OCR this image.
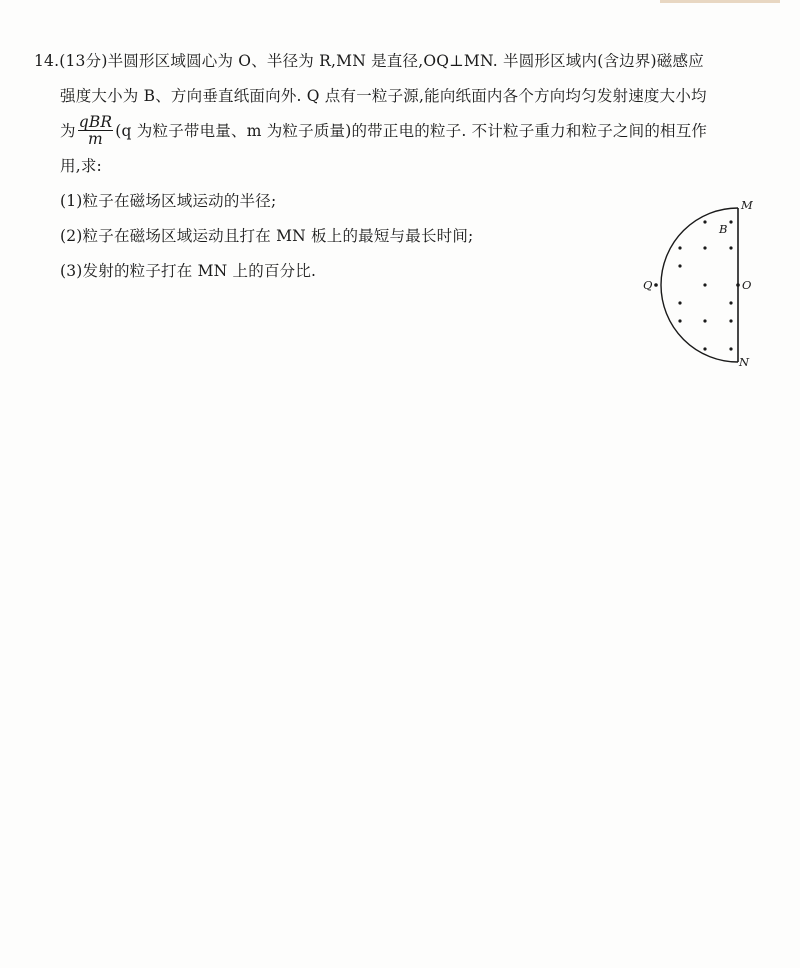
14.(13分)半圆形区域圆心为 O、半径为 R,MN 是直径,OQ⊥MN. 半圆形区域内(含边界)磁感应
强度大小为 B、方向垂直纸面向外. Q 点有一粒子源,能向纸面内各个方向均匀发射速度大小均
为 $\frac{\text{qBR}}{m} (q$ 为粒子带电量、m 为粒子质量)的带正电的粒子. 不计粒子重力和粒子之间的相互作
用,求:
(1)粒子在磁场区域运动的半径;
(2)粒子在磁场区域运动且打在 MN 板上的最短与最长时间;
(3)发射的粒子打在 MN 上的百分比.
M
B
Q	O
N
